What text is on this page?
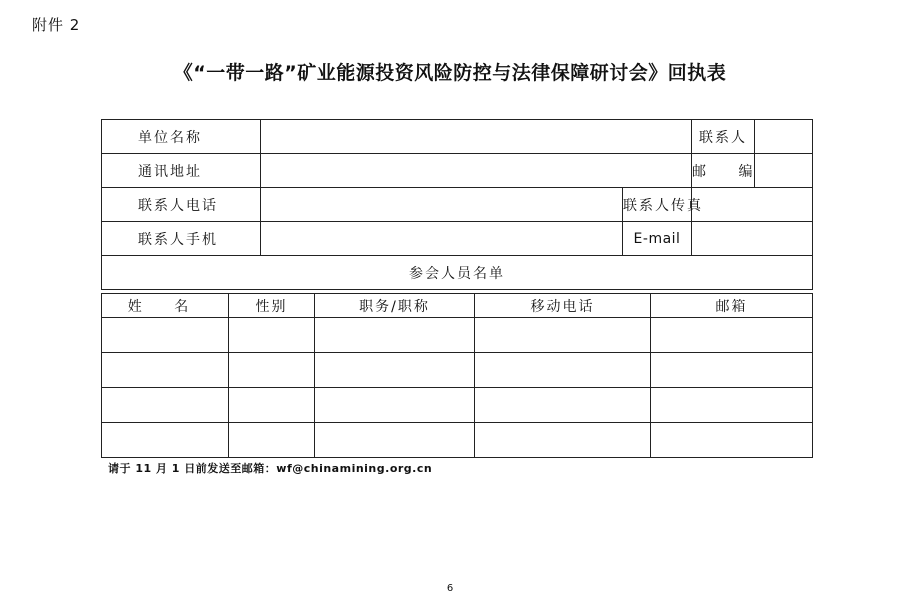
附件 2
《“一带一路”矿业能源投资风险防控与法律保障研讨会》回执表
单位名称			联系人	
通讯地址			邮 编	
联系人电话		联系人传真		
联系人手机		E-mail		
参会人员名单				
姓 名	性别	职务/职称	移动电话	邮箱

请于 11 月 1 日前发送至邮箱：wf@chinamining.org.cn
6
